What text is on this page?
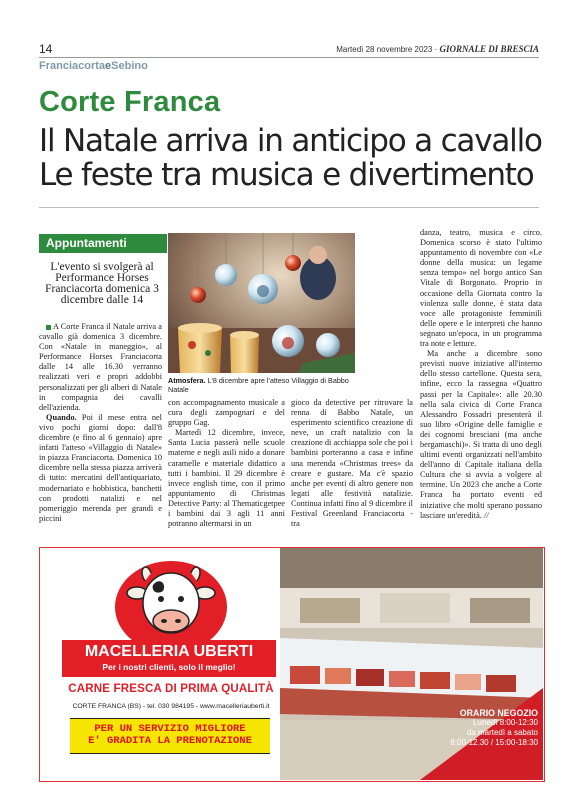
14	Martedì 28 novembre 2023 · GIORNALE DI BRESCIA
FranciacortaeSebino
Corte Franca
Il Natale arriva in anticipo a cavallo
Le feste tra musica e divertimento
Appuntamenti
L'evento si svolgerà al Performance Horses Franciacorta domenica 3 dicembre dalle 14
Atmosfera. L'8 dicembre apre l'atteso Villaggio di Babbo Natale

A Corte Franca il Natale arriva a cavallo già domenica 3 dicembre. Con «Natale in maneggio», al Performance Horses Franciacorta dalle 14 alle 16.30 verranno realizzati veri e propri addobbi personalizzati per gli alberi di Natale in compagnia dei cavalli dell'azienda.

Quando. Poi il mese entra nel vivo pochi giorni dopo: dall'8 dicembre (e fino al 6 gennaio) apre infatti l'atteso «Villaggio di Natale» in piazza Franciacorta. Domenica 10 dicembre nella stessa piazza arriverà di tutto: mercatini dell'antiquariato, modernariato e hobbistica, banchetti con prodotti natalizi e nel pomeriggio merenda per grandi e piccini

con accompagnamento musicale a cura degli zampognari e del gruppo Gag.

Martedì 12 dicembre, invece, Santa Lucia passerà nelle scuole materne e negli asili nido a donare caramelle e materiale didattico a tutti i bambini. Il 29 dicembre è invece english time, con il primo appuntamento di Christmas Detective Party: al Thematicgetpee i bambini dai 3 agli 11 anni potranno altermarsi in un

gioco da detective per ritrovare la renna di Babbo Natale, un esperimento scientifico creazione di neve, un craft natalizio con la creazione di acchiappa sole che poi i bambini porteranno a casa e infine una merenda «Christmas trees» da creare e gustare. Ma c'è spazio anche per eventi di altro genere non legati alle festività natalizie. Continua infatti fino al 9 dicembre il Festival Greenland Franciacorta - tra

danza, teatro, musica e circo. Domenica scorso è stato l'ultimo appuntamento di novembre con «Le donne della musica: un legame senza tempo» nel borgo antico San Vitale di Borgonato. Proprio in occasione della Giornata contro la violenza sulle donne, è stata data voce alle protagoniste femminili delle opere e le interpreti che hanno segnato un'epoca, in un programma tra note e letture.

Ma anche a dicembre sono previsti nuove iniziative all'interno dello stesso cartellone. Questa sera, infine, ecco la rassegna «Quattro passi per la Capitale»: alle 20.30 nella sala civica di Corte Franca Alessandro Fossadri presenterà il suo libro «Origine delle famiglie e dei cognomi bresciani (ma anche bergamaschi)». Si tratta di uno degli ultimi eventi organizzati nell'ambito dell'anno di Capitale italiana della Cultura che si avvia a volgere al termine. Un 2023 che anche a Corte Franca ha portato eventi ed iniziative che molti sperano possano lasciare un'eredità. //

MACELLERIA UBERTI
Per i nostri clienti, solo il meglio!
CARNE FRESCA DI PRIMA QUALITÀ
CORTE FRANCA (BS) - tel. 030 984195 - www.macelleriauberti.it
PER UN SERVIZIO MIGLIORE
E' GRADITA LA PRENOTAZIONE
ORARIO NEGOZIO
Lunedì 8:00-12:30
da martedì a sabato
8:00-12.30 / 15:00-18:30
